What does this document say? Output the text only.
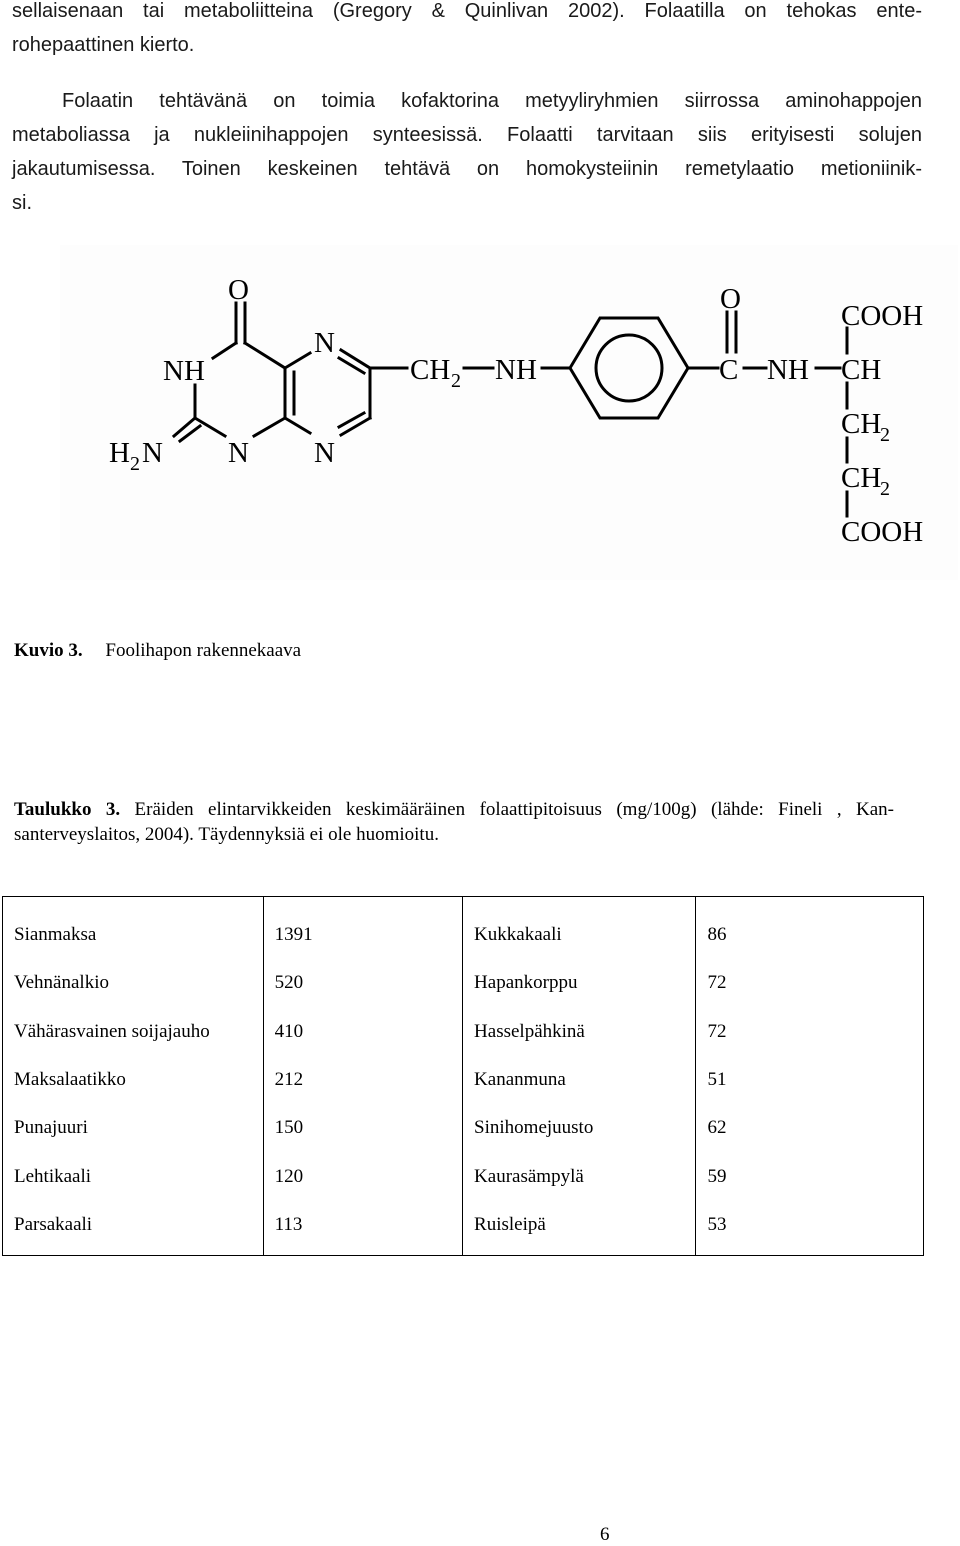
sellaisenaan tai metaboliitteina (Gregory & Quinlivan 2002). Folaatilla on tehokas ente-
rohepaattinen kierto.
Folaatin tehtävänä on toimia kofaktorina metyyliryhmien siirrossa aminohappojen
metaboliassa ja nukleiinihappojen synteesissä. Folaatti tarvitaan siis erityisesti solujen
jakautumisessa. Toinen keskeinen tehtävä on homokysteiinin remetylaatio metioniinik-
si.
O
NH
N
H 2 N N N
CH 2 NH
O
C NH CH
COOH
CH
2
CH
2
COOH
Kuvio 3. Foolihapon rakennekaava
Taulukko 3. Eräiden elintarvikkeiden keskimääräinen folaattipitoisuus (mg/100g) (lähde: Fineli , Kan-
santerveyslaitos, 2004). Täydennyksiä ei ole huomioitu.
Sianmaksa	1391	Kukkakaali	86
Vehnänalkio	520	Hapankorppu	72
Vähärasvainen soijajauho	410	Hasselpähkinä	72
Maksalaatikko	212	Kananmuna	51
Punajuuri	150	Sinihomejuusto	62
Lehtikaali	120	Kaurasämpylä	59
Parsakaali	113	Ruisleipä	53
6
